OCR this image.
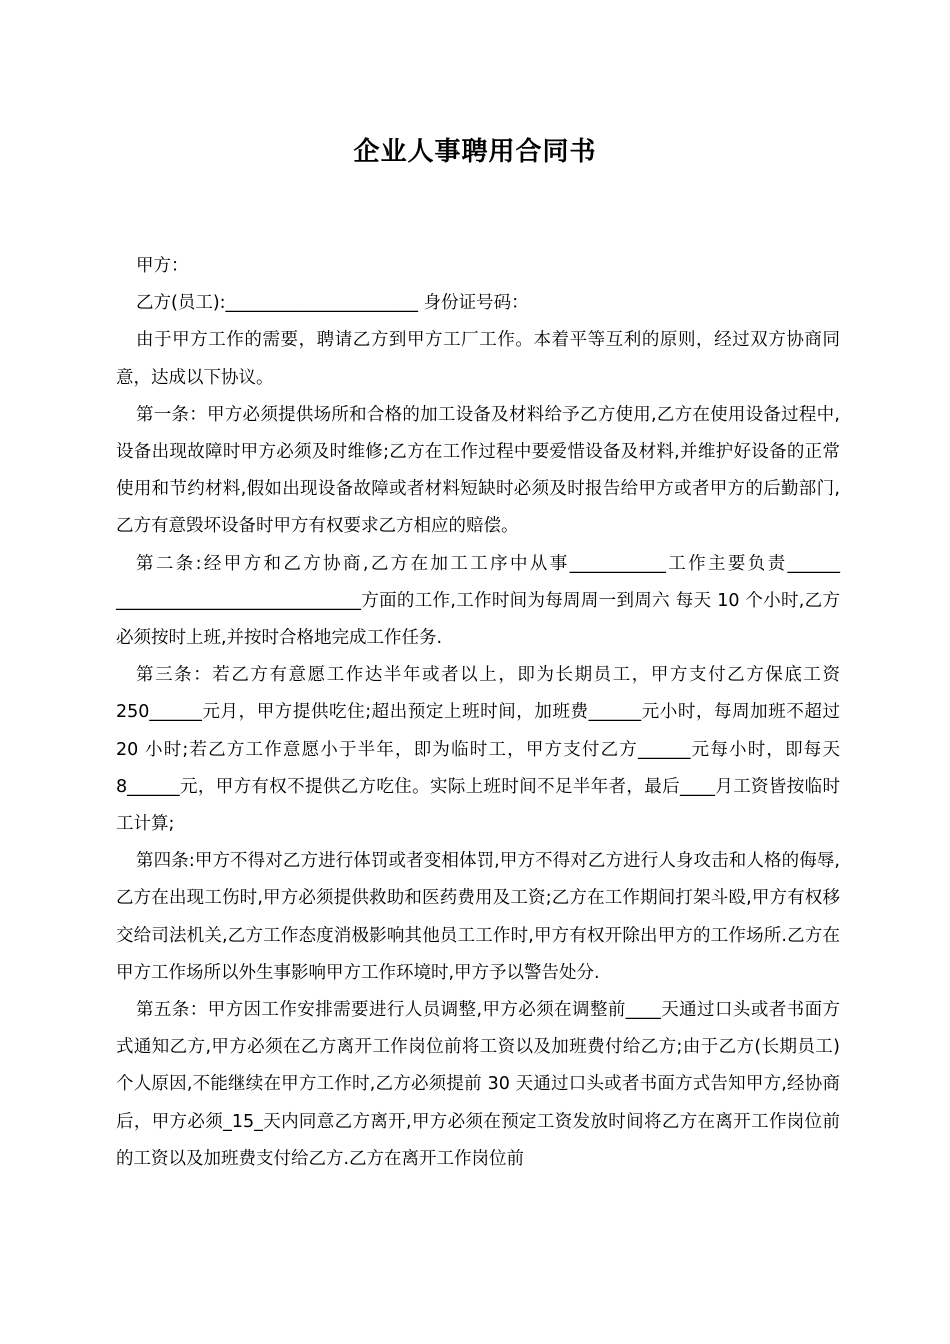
企业人事聘用合同书

甲方：

乙方(员工):______________________ 身份证号码：

由于甲方工作的需要，聘请乙方到甲方工厂工作。本着平等互利的原则，经过双方协商同意，达成以下协议。

第一条：甲方必须提供场所和合格的加工设备及材料给予乙方使用,乙方在使用设备过程中,设备出现故障时甲方必须及时维修;乙方在工作过程中要爱惜设备及材料,并维护好设备的正常使用和节约材料,假如出现设备故障或者材料短缺时必须及时报告给甲方或者甲方的后勤部门,乙方有意毁坏设备时甲方有权要求乙方相应的赔偿。

第二条:经甲方和乙方协商,乙方在加工工序中从事___________工作主要负责______ ____________________________方面的工作,工作时间为每周周一到周六 每天 10 个小时,乙方必须按时上班,并按时合格地完成工作任务.

第三条：若乙方有意愿工作达半年或者以上，即为长期员工，甲方支付乙方保底工资 250______元月，甲方提供吃住;超出预定上班时间，加班费______元小时，每周加班不超过 20 小时;若乙方工作意愿小于半年，即为临时工，甲方支付乙方______元每小时，即每天 8______元，甲方有权不提供乙方吃住。实际上班时间不足半年者，最后____月工资皆按临时工计算;

第四条:甲方不得对乙方进行体罚或者变相体罚,甲方不得对乙方进行人身攻击和人格的侮辱,乙方在出现工伤时,甲方必须提供救助和医药费用及工资;乙方在工作期间打架斗殴,甲方有权移交给司法机关,乙方工作态度消极影响其他员工工作时,甲方有权开除出甲方的工作场所.乙方在甲方工作场所以外生事影响甲方工作环境时,甲方予以警告处分.

第五条：甲方因工作安排需要进行人员调整,甲方必须在调整前____天通过口头或者书面方式通知乙方,甲方必须在乙方离开工作岗位前将工资以及加班费付给乙方;由于乙方(长期员工)个人原因,不能继续在甲方工作时,乙方必须提前 30 天通过口头或者书面方式告知甲方,经协商后，甲方必须_15_天内同意乙方离开,甲方必须在预定工资发放时间将乙方在离开工作岗位前的工资以及加班费支付给乙方.乙方在离开工作岗位前
